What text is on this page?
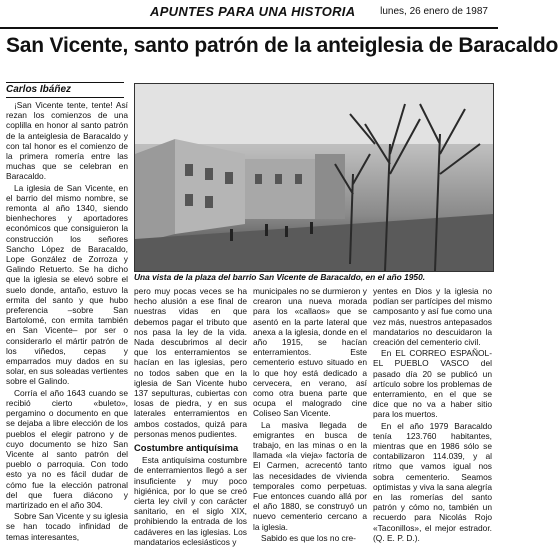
APUNTES PARA UNA HISTORIA lunes, 26 enero de 1987
San Vicente, santo patrón de la anteiglesia de Baracaldo
Carlos Ibáñez

¡San Vicente tente, tente! Así rezan los comienzos de una coplilla en honor al santo patrón de la anteiglesia de Baracaldo y con tal honor es el comienzo de la primera romería entre las muchas que se celebran en Baracaldo.

La iglesia de San Vicente, en el barrio del mismo nombre, se remonta al año 1340, siendo bienhechores y aportadores económicos que consiguieron la construcción los señores Sancho López de Baracaldo, Lope González de Zorroza y Galindo Retuerto. Se ha dicho que la iglesia se elevó sobre el suelo donde, antaño, estuvo la ermita del santo y que hubo preferencia –sobre San Bartolomé, con ermita también en San Vicente– por ser o considerarlo el mártir patrón de los viñedos, cepas y emparrados muy dados en su solar, en sus soleadas vertientes sobre el Galindo.

Corría el año 1643 cuando se recibió cierto «buleto», pergamino o documento en que se dejaba a libre elección de los pueblos el elegir patrono y de cuyo documento se hizo San Vicente al santo patrón del pueblo o parroquia. Con todo esto ya no es fácil dudar de cómo fue la elección patronal del que fuera diácono y martirizado en el año 304.

Sobre San Vicente y su iglesia se han tocado infinidad de temas interesantes,

Una vista de la plaza del barrio San Vicente de Baracaldo, en el año 1950.

pero muy pocas veces se ha hecho alusión a ese final de nuestras vidas en que debemos pagar el tributo que nos pasa la ley de la vida. Nada descubrimos al decir que los enterramientos se hacían en las iglesias, pero no todos saben que en la iglesia de San Vicente hubo 137 sepulturas, cubiertas con losas de piedra, y en sus laterales enterramientos en ambos costados, quizá para personas menos pudientes.

Costumbre antiquísima

Esta antiquísima costumbre de enterramientos llegó a ser insuficiente y muy poco higiénica, por lo que se creó cierta ley civil y con carácter sanitario, en el siglo XIX, prohibiendo la entrada de los cadáveres en las iglesias. Los mandatarios eclesiásticos y

municipales no se durmieron y crearon una nueva morada para los «callaos» que se asentó en la parte lateral que anexa a la iglesia, donde en el año 1915, se hacían enterramientos. Este cementerio estuvo situado en lo que hoy está dedicado a cervecera, en verano, así como otra buena parte que ocupa el malogrado cine Coliseo San Vicente.

La masiva llegada de emigrantes en busca de trabajo, en las minas o en la llamada «la vieja» factoría de El Carmen, acrecentó tanto las necesidades de vivienda temporales como perpetuas. Fue entonces cuando allá por el año 1880, se construyó un nuevo cementerio cercano a la iglesia.

Sabido es que los no cre-

yentes en Dios y la iglesia no podían ser partícipes del mismo camposanto y así fue como una vez más, nuestros antepasados mandatarios no descuidaron la creación del cementerio civil.

En EL CORREO ESPAÑOL-EL PUEBLO VASCO del pasado día 20 se publicó un artículo sobre los problemas de enterramiento, en el que se dice que no va a haber sitio para los muertos.

En el año 1979 Baracaldo tenía 123.760 habitantes, mientras que en 1986 sólo se contabilizaron 114.039, y al ritmo que vamos igual nos sobra cementerio. Seamos optimistas y viva la sana alegría en las romerías del santo patrón y cómo no, también un recuerdo para Nicolás Rojo «Taconillos», el mejor estrador. (Q. E. P. D.).
